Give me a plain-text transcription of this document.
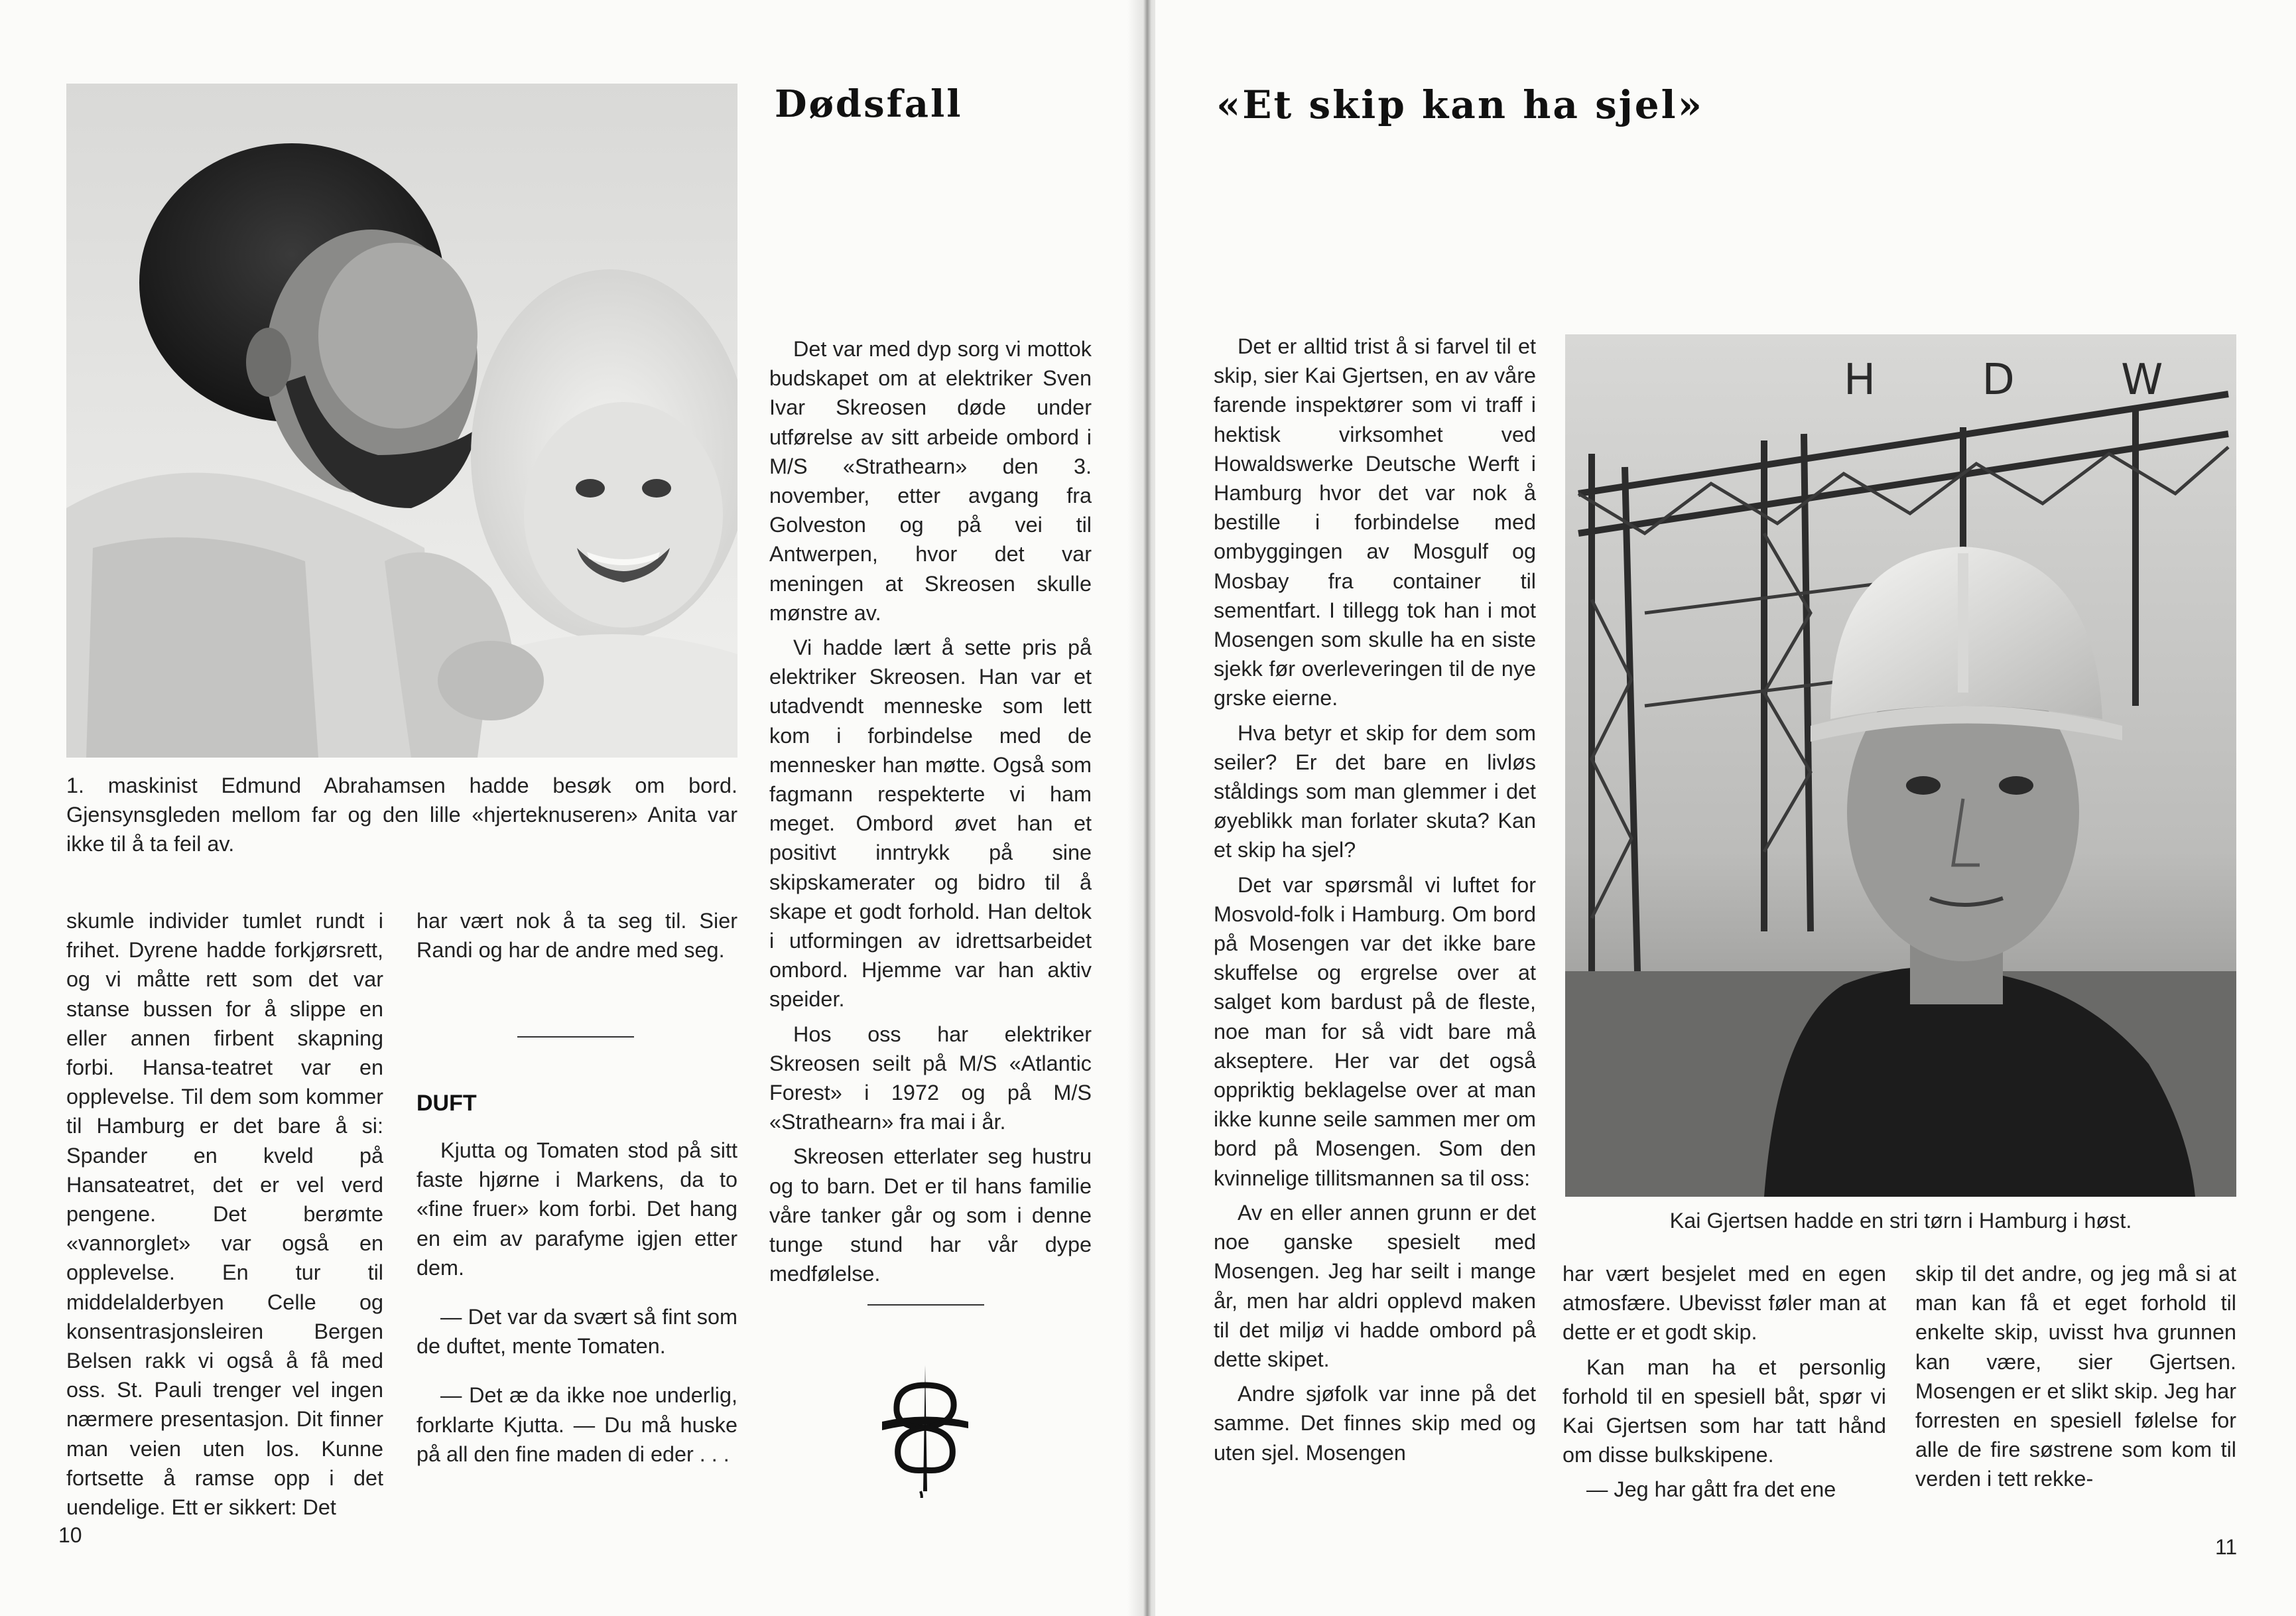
1. maskinist Edmund Abrahamsen hadde besøk om bord. Gjensynsgleden mellom far og den lille «hjerteknuseren» Anita var ikke til å ta feil av.

skumle individer tumlet rundt i frihet. Dyrene hadde forkjørsrett, og vi måtte rett som det var stanse bussen for å slippe en eller annen firbent skapning forbi. Hansa-teatret var en opplevelse. Til dem som kommer til Hamburg er det bare å si: Spander en kveld på Hansateatret, det er vel verd pengene. Det berømte «vannorglet» var også en opplevelse. En tur til middelalderbyen Celle og konsentrasjonsleiren Bergen Belsen rakk vi også å få med oss. St. Pauli trenger vel ingen nærmere presentasjon. Dit finner man veien uten los. Kunne fortsette å ramse opp i det uendelige. Ett er sikkert: Det

har vært nok å ta seg til. Sier Randi og har de andre med seg.

DUFT

Kjutta og Tomaten stod på sitt faste hjørne i Markens, da to «fine fruer» kom forbi. Det hang en eim av parafyme igjen etter dem.

— Det var da svært så fint som de duftet, mente Tomaten.

— Det æ da ikke noe underlig, forklarte Kjutta. — Du må huske på all den fine maden di eder . . .

Dødsfall

Det var med dyp sorg vi mottok budskapet om at elektriker Sven Ivar Skreosen døde under utførelse av sitt arbeide ombord i M/S «Strathearn» den 3. november, etter avgang fra Golveston og på vei til Antwerpen, hvor det var meningen at Skreosen skulle mønstre av.

Vi hadde lært å sette pris på elektriker Skreosen. Han var et utadvendt menneske som lett kom i forbindelse med de mennesker han møtte. Også som fagmann respekterte vi ham meget. Ombord øvet han et positivt inntrykk på sine skipskamerater og bidro til å skape et godt forhold. Han deltok i utformingen av idrettsarbeidet ombord. Hjemme var han aktiv speider.

Hos oss har elektriker Skreosen seilt på M/S «Atlantic Forest» i 1972 og på M/S «Strathearn» fra mai i år.

Skreosen etterlater seg hustru og to barn. Det er til hans familie våre tanker går og som i denne tunge stund har vår dype medfølelse.

10
«Et skip kan ha sjel»

Det er alltid trist å si farvel til et skip, sier Kai Gjertsen, en av våre farende inspektører som vi traff i hektisk virksomhet ved Howaldswerke Deutsche Werft i Hamburg hvor det var nok å bestille i forbindelse med ombyggingen av Mosgulf og Mosbay fra container til sementfart. I tillegg tok han i mot Mosengen som skulle ha en siste sjekk før overleveringen til de nye grske eierne.

Hva betyr et skip for dem som seiler? Er det bare en livløs ståldings som man glemmer i det øyeblikk man forlater skuta? Kan et skip ha sjel?

Det var spørsmål vi luftet for Mosvold-folk i Hamburg. Om bord på Mosengen var det ikke bare skuffelse og ergrelse over at salget kom bardust på de fleste, noe man for så vidt bare må akseptere. Her var det også oppriktig beklagelse over at man ikke kunne seile sammen mer om bord på Mosengen. Som den kvinnelige tillitsmannen sa til oss:

Av en eller annen grunn er det noe ganske spesielt med Mosengen. Jeg har seilt i mange år, men har aldri opplevd maken til det miljø vi hadde ombord på dette skipet.

Andre sjøfolk var inne på det samme. Det finnes skip med og uten sjel. Mosengen

H D W
Kai Gjertsen hadde en stri tørn i Hamburg i høst.

har vært besjelet med en egen atmosfære. Ubevisst føler man at dette er et godt skip.

Kan man ha et personlig forhold til en spesiell båt, spør vi Kai Gjertsen som har tatt hånd om disse bulkskipene.

— Jeg har gått fra det ene

skip til det andre, og jeg må si at man kan få et eget forhold til enkelte skip, uvisst hva grunnen kan være, sier Gjertsen. Mosengen er et slikt skip. Jeg har forresten en spesiell følelse for alle de fire søstrene som kom til verden i tett rekke-

11
